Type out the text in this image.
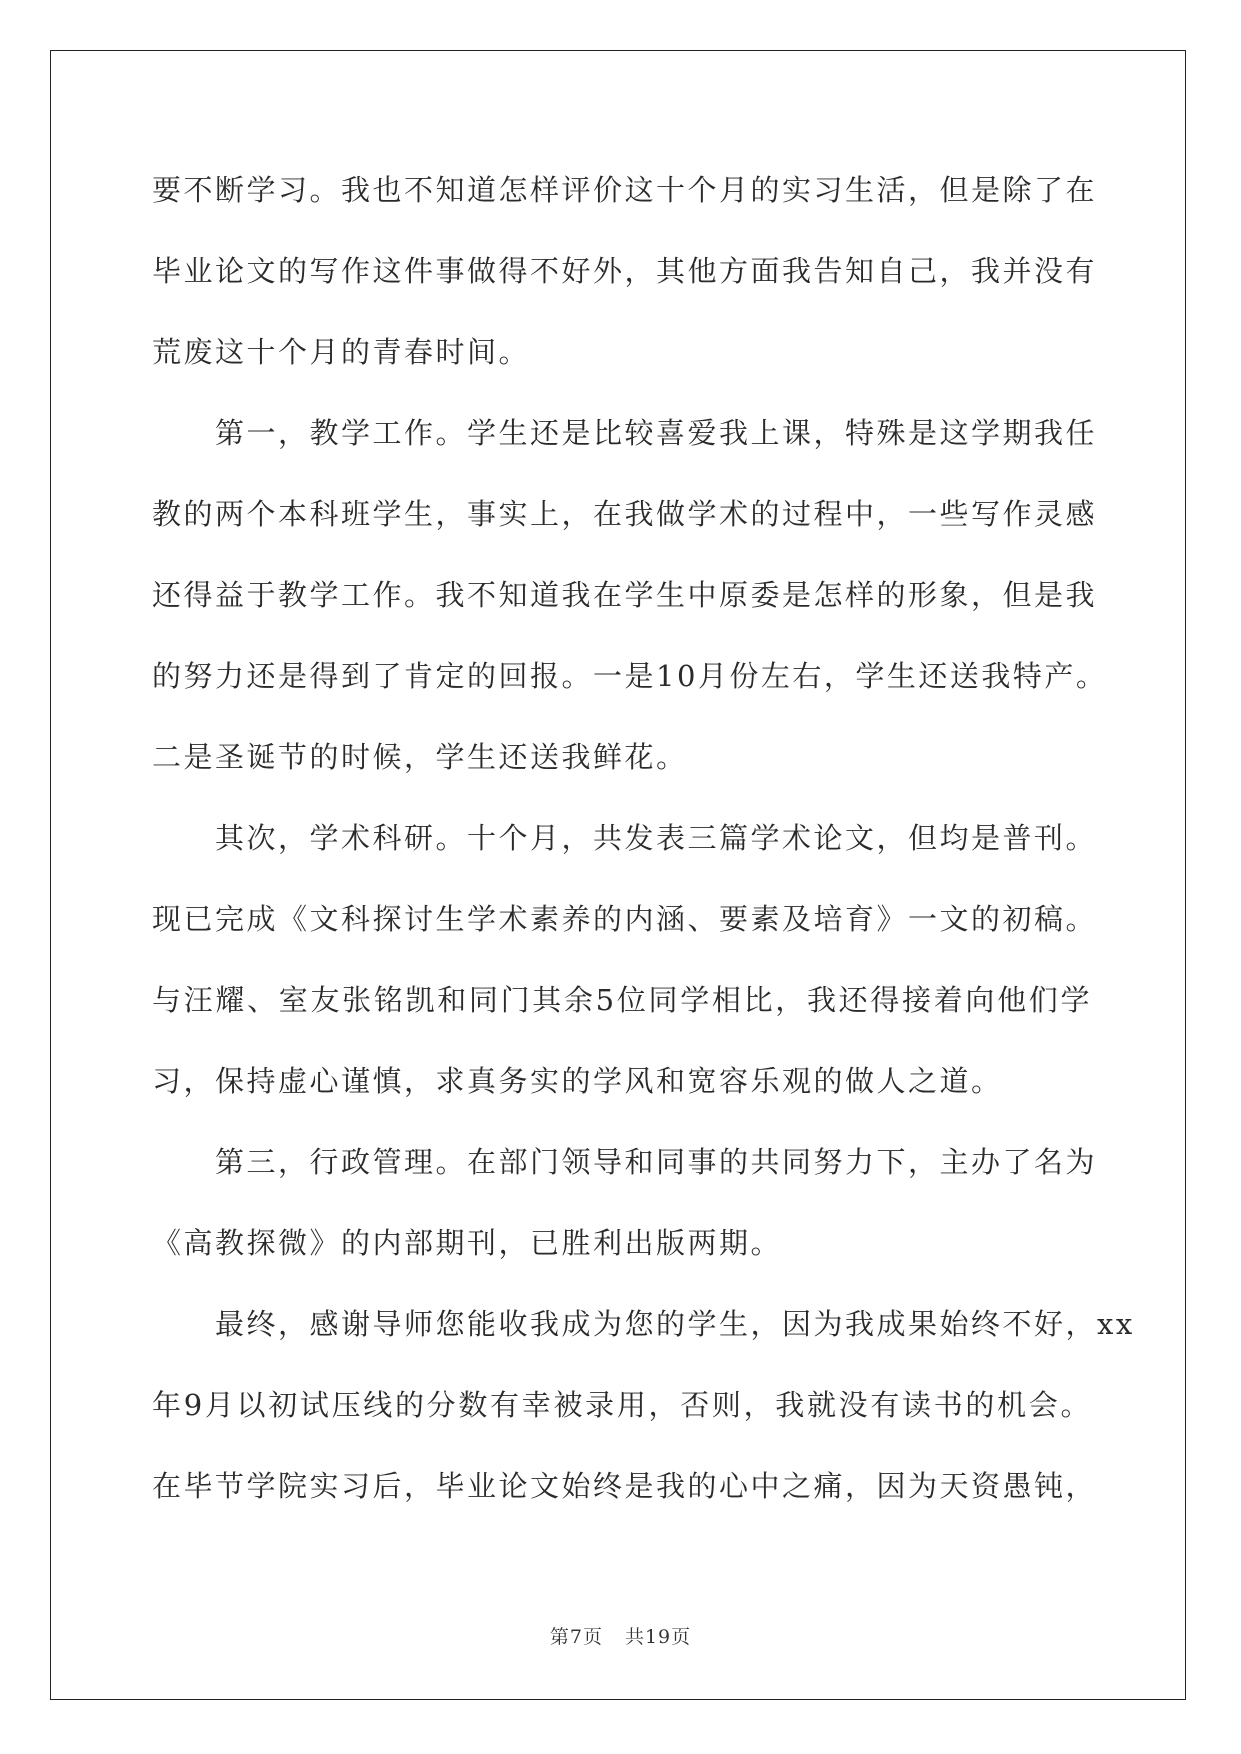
要不断学习。我也不知道怎样评价这十个月的实习生活，但是除了在
毕业论文的写作这件事做得不好外，其他方面我告知自己，我并没有
荒废这十个月的青春时间。
第一，教学工作。学生还是比较喜爱我上课，特殊是这学期我任
教的两个本科班学生，事实上，在我做学术的过程中，一些写作灵感
还得益于教学工作。我不知道我在学生中原委是怎样的形象，但是我
的努力还是得到了肯定的回报。一是10月份左右，学生还送我特产。
二是圣诞节的时候，学生还送我鲜花。
其次，学术科研。十个月，共发表三篇学术论文，但均是普刊。
现已完成《文科探讨生学术素养的内涵、要素及培育》一文的初稿。
与汪耀、室友张铭凯和同门其余5位同学相比，我还得接着向他们学
习，保持虚心谨慎，求真务实的学风和宽容乐观的做人之道。
第三，行政管理。在部门领导和同事的共同努力下，主办了名为
《高教探微》的内部期刊，已胜利出版两期。
最终，感谢导师您能收我成为您的学生，因为我成果始终不好，xx
年9月以初试压线的分数有幸被录用，否则，我就没有读书的机会。
在毕节学院实习后，毕业论文始终是我的心中之痛，因为天资愚钝，
第7页 共19页
